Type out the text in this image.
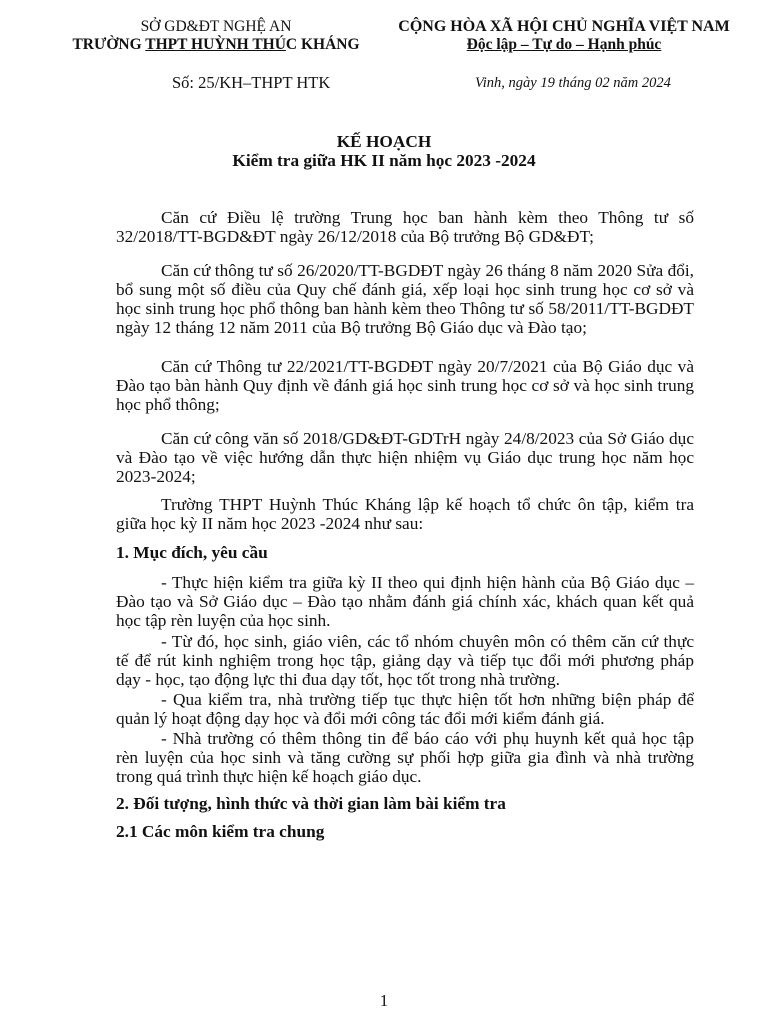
SỞ GD&ĐT NGHỆ AN
TRƯỜNG THPT HUỲNH THÚC KHÁNG
CỘNG HÒA XÃ HỘI CHỦ NGHĨA VIỆT NAM
Độc lập – Tự do – Hạnh phúc
Số: 25/KH–THPT HTK	Vinh, ngày 19 tháng 02 năm 2024
KẾ HOẠCH
Kiểm tra giữa HK II năm học 2023 -2024
Căn cứ Điều lệ trường Trung học ban hành kèm theo Thông tư số 32/2018/TT-BGD&ĐT ngày 26/12/2018 của Bộ trưởng Bộ GD&ĐT;
Căn cứ thông tư số 26/2020/TT-BGDĐT ngày 26 tháng 8 năm 2020 Sửa đổi, bổ sung một số điều của Quy chế đánh giá, xếp loại học sinh trung học cơ sở và học sinh trung học phổ thông ban hành kèm theo Thông tư số 58/2011/TT-BGDĐT ngày 12 tháng 12 năm 2011 của Bộ trưởng Bộ Giáo dục và Đào tạo;
Căn cứ Thông tư 22/2021/TT-BGDĐT ngày 20/7/2021 của Bộ Giáo dục và Đào tạo bàn hành Quy định về đánh giá học sinh trung học cơ sở và học sinh trung học phổ thông;
Căn cứ công văn số 2018/GD&ĐT-GDTrH ngày 24/8/2023 của Sở Giáo dục và Đào tạo về việc hướng dẫn thực hiện nhiệm vụ Giáo dục trung học năm học 2023-2024;
Trường THPT Huỳnh Thúc Kháng lập kế hoạch tổ chức ôn tập, kiểm tra giữa học kỳ II năm học 2023 -2024 như sau:
1. Mục đích, yêu cầu
- Thực hiện kiểm tra giữa kỳ II theo qui định hiện hành của Bộ Giáo dục – Đào tạo và Sở Giáo dục – Đào tạo nhằm đánh giá chính xác, khách quan kết quả học tập rèn luyện của học sinh.
- Từ đó, học sinh, giáo viên, các tổ nhóm chuyên môn có thêm căn cứ thực tế để rút kinh nghiệm trong học tập, giảng dạy và tiếp tục đổi mới phương pháp dạy - học, tạo động lực thi đua dạy tốt, học tốt trong nhà trường.
- Qua kiểm tra, nhà trường tiếp tục thực hiện tốt hơn những biện pháp để quản lý hoạt động dạy học và đổi mới công tác đổi mới kiểm đánh giá.
- Nhà trường có thêm thông tin để báo cáo với phụ huynh kết quả học tập rèn luyện của học sinh và tăng cường sự phối hợp giữa gia đình và nhà trường trong quá trình thực hiện kế hoạch giáo dục.
2. Đối tượng, hình thức và thời gian làm bài kiểm tra
2.1 Các môn kiểm tra chung
1
